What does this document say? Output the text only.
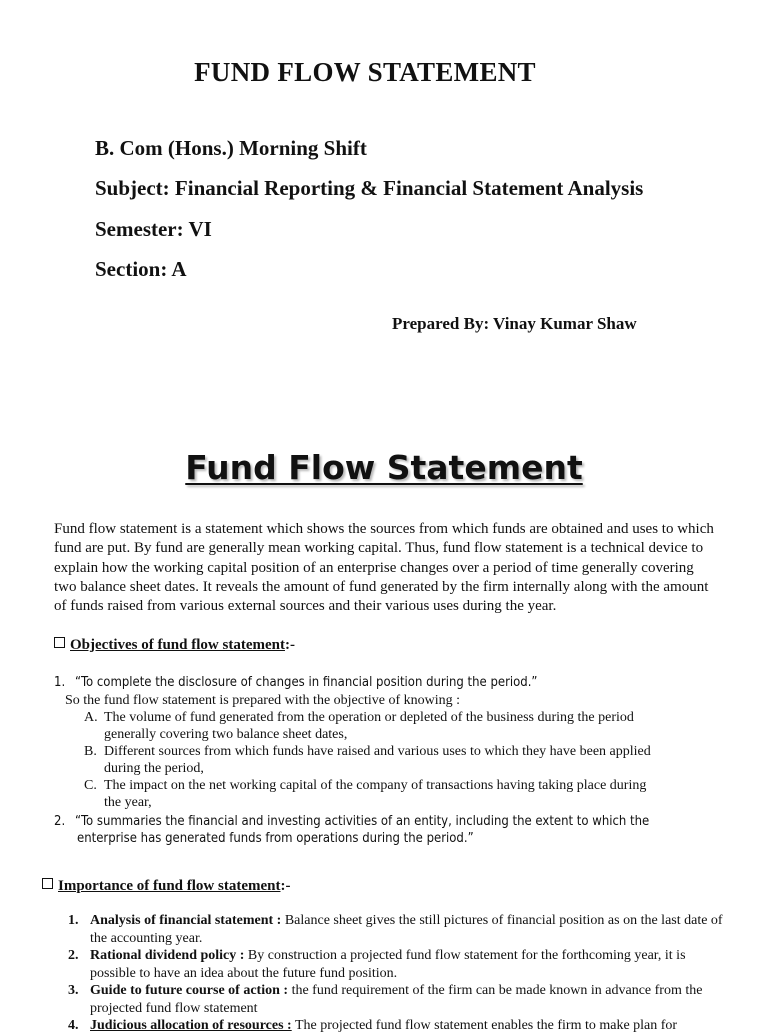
FUND FLOW STATEMENT
B. Com (Hons.) Morning Shift
Subject: Financial Reporting & Financial Statement Analysis
Semester: VI
Section: A
Prepared By: Vinay Kumar Shaw
Fund Flow Statement
Fund flow statement is a statement which shows the sources from which funds are obtained and uses to which fund are put. By fund are generally mean working capital. Thus, fund flow statement is a technical device to explain how the working capital position of an enterprise changes over a period of time generally covering two balance sheet dates. It reveals the amount of fund generated by the firm internally along with the amount of funds raised from various external sources and their various uses during the year.
Objectives of fund flow statement:-
1. “To complete the disclosure of changes in financial position during the period.”
So the fund flow statement is prepared with the objective of knowing :
A. The volume of fund generated from the operation or depleted of the business during the period
generally covering two balance sheet dates,
B. Different sources from which funds have raised and various uses to which they have been applied
during the period,
C. The impact on the net working capital of the company of transactions having taking place during
the year,
2. “To summaries the financial and investing activities of an entity, including the extent to which the
enterprise has generated funds from operations during the period.”
Importance of fund flow statement:-
1. Analysis of financial statement : Balance sheet gives the still pictures of financial position as on the last date of the accounting year.
2. Rational dividend policy : By construction a projected fund flow statement for the forthcoming year, it is possible to have an idea about the future fund position.
3. Guide to future course of action : the fund requirement of the firm can be made known in advance from the projected fund flow statement
4. Judicious allocation of resources : The projected fund flow statement enables the firm to make plan for
